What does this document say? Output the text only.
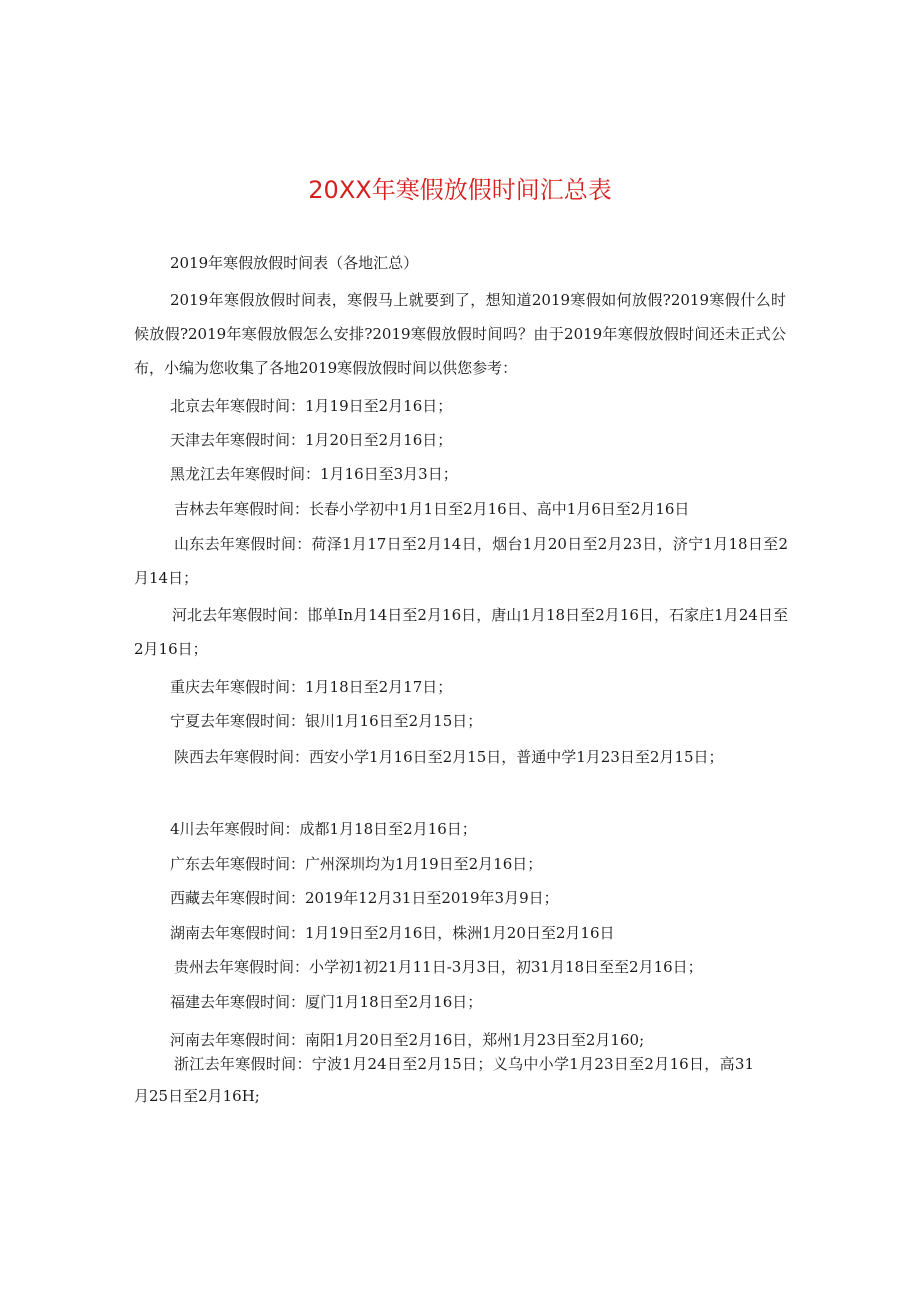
20XX年寒假放假时间汇总表

2019年寒假放假时间表（各地汇总）

2019年寒假放假时间表，寒假马上就要到了，想知道2019寒假如何放假?2019寒假什么时候放假?2019年寒假放假怎么安排?2019寒假放假时间吗？由于2019年寒假放假时间还未正式公布，小编为您收集了各地2019寒假放假时间以供您参考：

北京去年寒假时间：1月19日至2月16日；

天津去年寒假时间：1月20日至2月16日；

黑龙江去年寒假时间：1月16日至3月3日；

吉林去年寒假时间：长春小学初中1月1日至2月16日、高中1月6日至2月16日

山东去年寒假时间：荷泽1月17日至2月14日，烟台1月20日至2月23日，济宁1月18日至2月14日；

河北去年寒假时间：邯单In月14日至2月16日，唐山1月18日至2月16日，石家庄1月24日至2月16日；

重庆去年寒假时间：1月18日至2月17日；

宁夏去年寒假时间：银川1月16日至2月15日；

陕西去年寒假时间：西安小学1月16日至2月15日，普通中学1月23日至2月15日；

4川去年寒假时间：成都1月18日至2月16日；

广东去年寒假时间：广州深圳均为1月19日至2月16日；

西藏去年寒假时间：2019年12月31日至2019年3月9日；

湖南去年寒假时间：1月19日至2月16日，株洲1月20日至2月16日

贵州去年寒假时间：小学初1初21月11日-3月3日，初31月18日至至2月16日；

福建去年寒假时间：厦门1月18日至2月16日；

河南去年寒假时间：南阳1月20日至2月16日，郑州1月23日至2月160;

浙江去年寒假时间：宁波1月24日至2月15日；义乌中小学1月23日至2月16日，高31月25日至2月16H;
